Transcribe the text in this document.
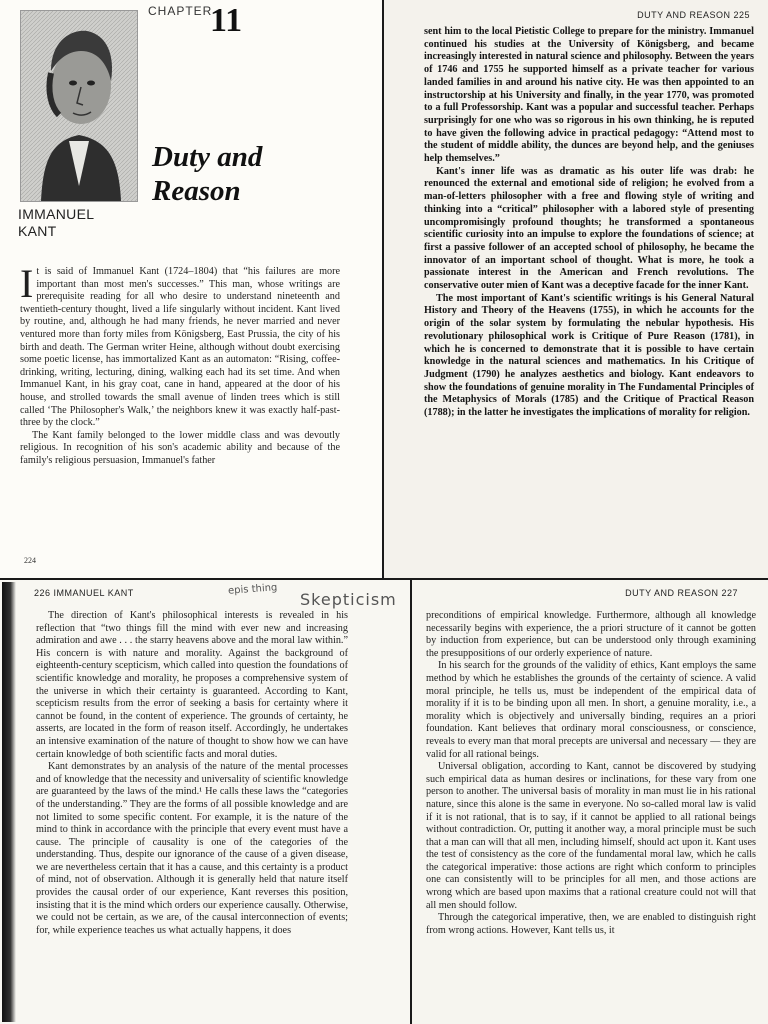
CHAPTER
11
Duty and
Reason
IMMANUEL
KANT

It is said of Immanuel Kant (1724–1804) that “his failures are more important than most men's successes.” This man, whose writings are prerequisite reading for all who desire to understand nineteenth and twentieth-century thought, lived a life singularly without incident. Kant lived by routine, and, although he had many friends, he never married and never ventured more than forty miles from Königsberg, East Prussia, the city of his birth and death. The German writer Heine, although without doubt exercising some poetic license, has immortalized Kant as an automaton: “Rising, coffee-drinking, writing, lecturing, dining, walking each had its set time. And when Immanuel Kant, in his gray coat, cane in hand, appeared at the door of his house, and strolled towards the small avenue of linden trees which is still called ‘The Philosopher's Walk,’ the neighbors knew it was exactly half-past-three by the clock.”

The Kant family belonged to the lower middle class and was devoutly religious. In recognition of his son's academic ability and because of the family's religious persuasion, Immanuel's father

224
DUTY AND REASON 225

sent him to the local Pietistic College to prepare for the ministry. Immanuel continued his studies at the University of Königsberg, and became increasingly interested in natural science and philosophy. Between the years of 1746 and 1755 he supported himself as a private teacher for various landed families in and around his native city. He was then appointed to an instructorship at his University and finally, in the year 1770, was promoted to a full Professorship. Kant was a popular and successful teacher. Perhaps surprisingly for one who was so rigorous in his own thinking, he is reputed to have given the following advice in practical pedagogy: “Attend most to the student of middle ability, the dunces are beyond help, and the geniuses help themselves.”

Kant's inner life was as dramatic as his outer life was drab: he renounced the external and emotional side of religion; he evolved from a man-of-letters philosopher with a free and flowing style of writing and thinking into a “critical” philosopher with a labored style of presenting uncompromisingly profound thoughts; he transformed a spontaneous scientific curiosity into an impulse to explore the foundations of science; at first a passive follower of an accepted school of philosophy, he became the innovator of an important school of thought. What is more, he took a passionate interest in the American and French revolutions. The conservative outer mien of Kant was a deceptive facade for the inner Kant.

The most important of Kant's scientific writings is his General Natural History and Theory of the Heavens (1755), in which he accounts for the origin of the solar system by formulating the nebular hypothesis. His revolutionary philosophical work is Critique of Pure Reason (1781), in which he is concerned to demonstrate that it is possible to have certain knowledge in the natural sciences and mathematics. In his Critique of Judgment (1790) he analyzes aesthetics and biology. Kant endeavors to show the foundations of genuine morality in The Fundamental Principles of the Metaphysics of Morals (1785) and the Critique of Practical Reason (1788); in the latter he investigates the implications of morality for religion.

226 IMMANUEL KANT	epis thing
Skepticism

The direction of Kant's philosophical interests is revealed in his reflection that “two things fill the mind with ever new and increasing admiration and awe . . . the starry heavens above and the moral law within.” His concern is with nature and morality. Against the background of eighteenth-century scepticism, which called into question the foundations of scientific knowledge and morality, he proposes a comprehensive system of the universe in which their certainty is guaranteed. According to Kant, scepticism results from the error of seeking a basis for certainty where it cannot be found, in the content of experience. The grounds of certainty, he asserts, are located in the form of reason itself. Accordingly, he undertakes an intensive examination of the nature of thought to show how we can have certain knowledge of both scientific facts and moral duties.

Kant demonstrates by an analysis of the nature of the mental processes and of knowledge that the necessity and universality of scientific knowledge are guaranteed by the laws of the mind.¹ He calls these laws the “categories of the understanding.” They are the forms of all possible knowledge and are not limited to some specific content. For example, it is the nature of the mind to think in accordance with the principle that every event must have a cause. The principle of causality is one of the categories of the understanding. Thus, despite our ignorance of the cause of a given disease, we are nevertheless certain that it has a cause, and this certainty is a product of mind, not of observation. Although it is generally held that nature itself provides the causal order of our experience, Kant reverses this position, insisting that it is the mind which orders our experience causally. Otherwise, we could not be certain, as we are, of the causal interconnection of events; for, while experience teaches us what actually happens, it does

DUTY AND REASON 227

preconditions of empirical knowledge. Furthermore, although all knowledge necessarily begins with experience, the a priori structure of it cannot be gotten by induction from experience, but can be understood only through examining the presuppositions of our orderly experience of nature.

In his search for the grounds of the validity of ethics, Kant employs the same method by which he establishes the grounds of the certainty of science. A valid moral principle, he tells us, must be independent of the empirical data of morality if it is to be binding upon all men. In short, a genuine morality, i.e., a morality which is objectively and universally binding, requires an a priori foundation. Kant believes that ordinary moral consciousness, or conscience, reveals to every man that moral precepts are universal and necessary — they are valid for all rational beings.

Universal obligation, according to Kant, cannot be discovered by studying such empirical data as human desires or inclinations, for these vary from one person to another. The universal basis of morality in man must lie in his rational nature, since this alone is the same in everyone. No so-called moral law is valid if it is not rational, that is to say, if it cannot be applied to all rational beings without contradiction. Or, putting it another way, a moral principle must be such that a man can will that all men, including himself, should act upon it. Kant uses the test of consistency as the core of the fundamental moral law, which he calls the categorical imperative: those actions are right which conform to principles one can consistently will to be principles for all men, and those actions are wrong which are based upon maxims that a rational creature could not will that all men should follow.

Through the categorical imperative, then, we are enabled to distinguish right from wrong actions. However, Kant tells us, it
